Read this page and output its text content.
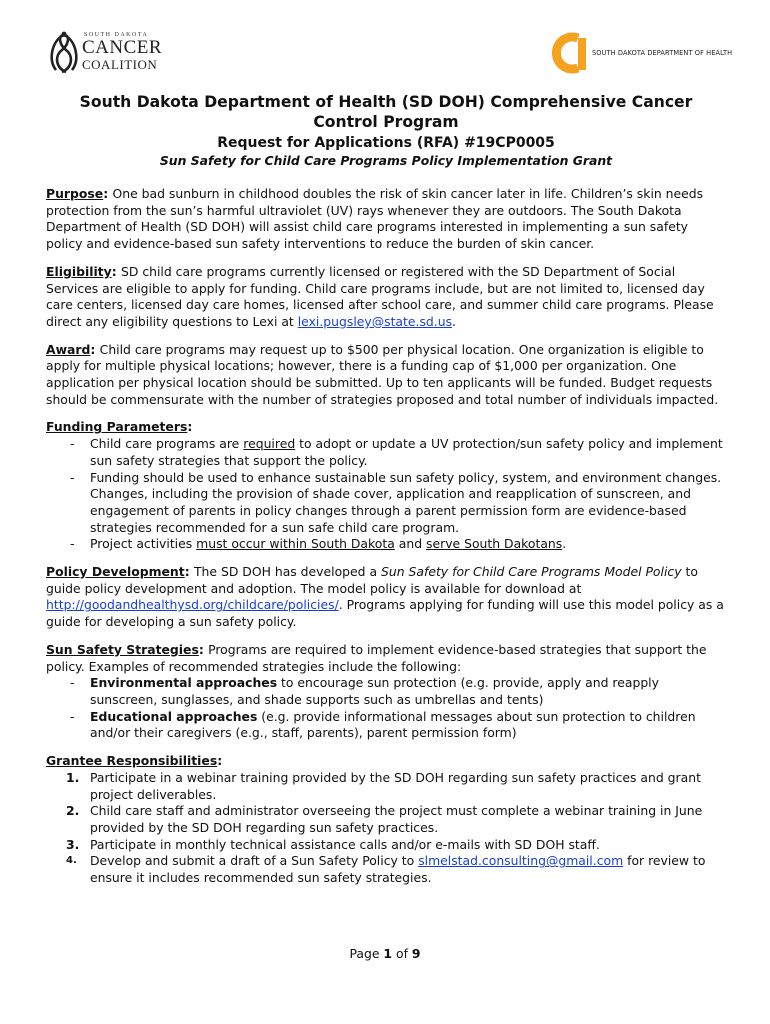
SOUTH DAKOTA
CANCER
COALITION
SOUTH DAKOTA DEPARTMENT OF HEALTH
South Dakota Department of Health (SD DOH) Comprehensive Cancer Control Program

Request for Applications (RFA) #19CP0005

Sun Safety for Child Care Programs Policy Implementation Grant

Purpose: One bad sunburn in childhood doubles the risk of skin cancer later in life. Children’s skin needs protection from the sun’s harmful ultraviolet (UV) rays whenever they are outdoors. The South Dakota Department of Health (SD DOH) will assist child care programs interested in implementing a sun safety policy and evidence-based sun safety interventions to reduce the burden of skin cancer.

Eligibility: SD child care programs currently licensed or registered with the SD Department of Social Services are eligible to apply for funding. Child care programs include, but are not limited to, licensed day care centers, licensed day care homes, licensed after school care, and summer child care programs. Please direct any eligibility questions to Lexi at lexi.pugsley@state.sd.us.

Award: Child care programs may request up to $500 per physical location. One organization is eligible to apply for multiple physical locations; however, there is a funding cap of $1,000 per organization. One application per physical location should be submitted. Up to ten applicants will be funded. Budget requests should be commensurate with the number of strategies proposed and total number of individuals impacted.

Funding Parameters:

- Child care programs are required to adopt or update a UV protection/sun safety policy and implement sun safety strategies that support the policy.
- Funding should be used to enhance sustainable sun safety policy, system, and environment changes. Changes, including the provision of shade cover, application and reapplication of sunscreen, and engagement of parents in policy changes through a parent permission form are evidence-based strategies recommended for a sun safe child care program.
- Project activities must occur within South Dakota and serve South Dakotans.

Policy Development: The SD DOH has developed a Sun Safety for Child Care Programs Model Policy to guide policy development and adoption. The model policy is available for download at http://goodandhealthysd.org/childcare/policies/. Programs applying for funding will use this model policy as a guide for developing a sun safety policy.

Sun Safety Strategies: Programs are required to implement evidence-based strategies that support the policy. Examples of recommended strategies include the following:

- Environmental approaches to encourage sun protection (e.g. provide, apply and reapply sunscreen, sunglasses, and shade supports such as umbrellas and tents)
- Educational approaches (e.g. provide informational messages about sun protection to children and/or their caregivers (e.g., staff, parents), parent permission form)

Grantee Responsibilities:

1. Participate in a webinar training provided by the SD DOH regarding sun safety practices and grant project deliverables.
2. Child care staff and administrator overseeing the project must complete a webinar training in June provided by the SD DOH regarding sun safety practices.
3. Participate in monthly technical assistance calls and/or e-mails with SD DOH staff.
4. Develop and submit a draft of a Sun Safety Policy to slmelstad.consulting@gmail.com for review to ensure it includes recommended sun safety strategies.
Page 1 of 9
